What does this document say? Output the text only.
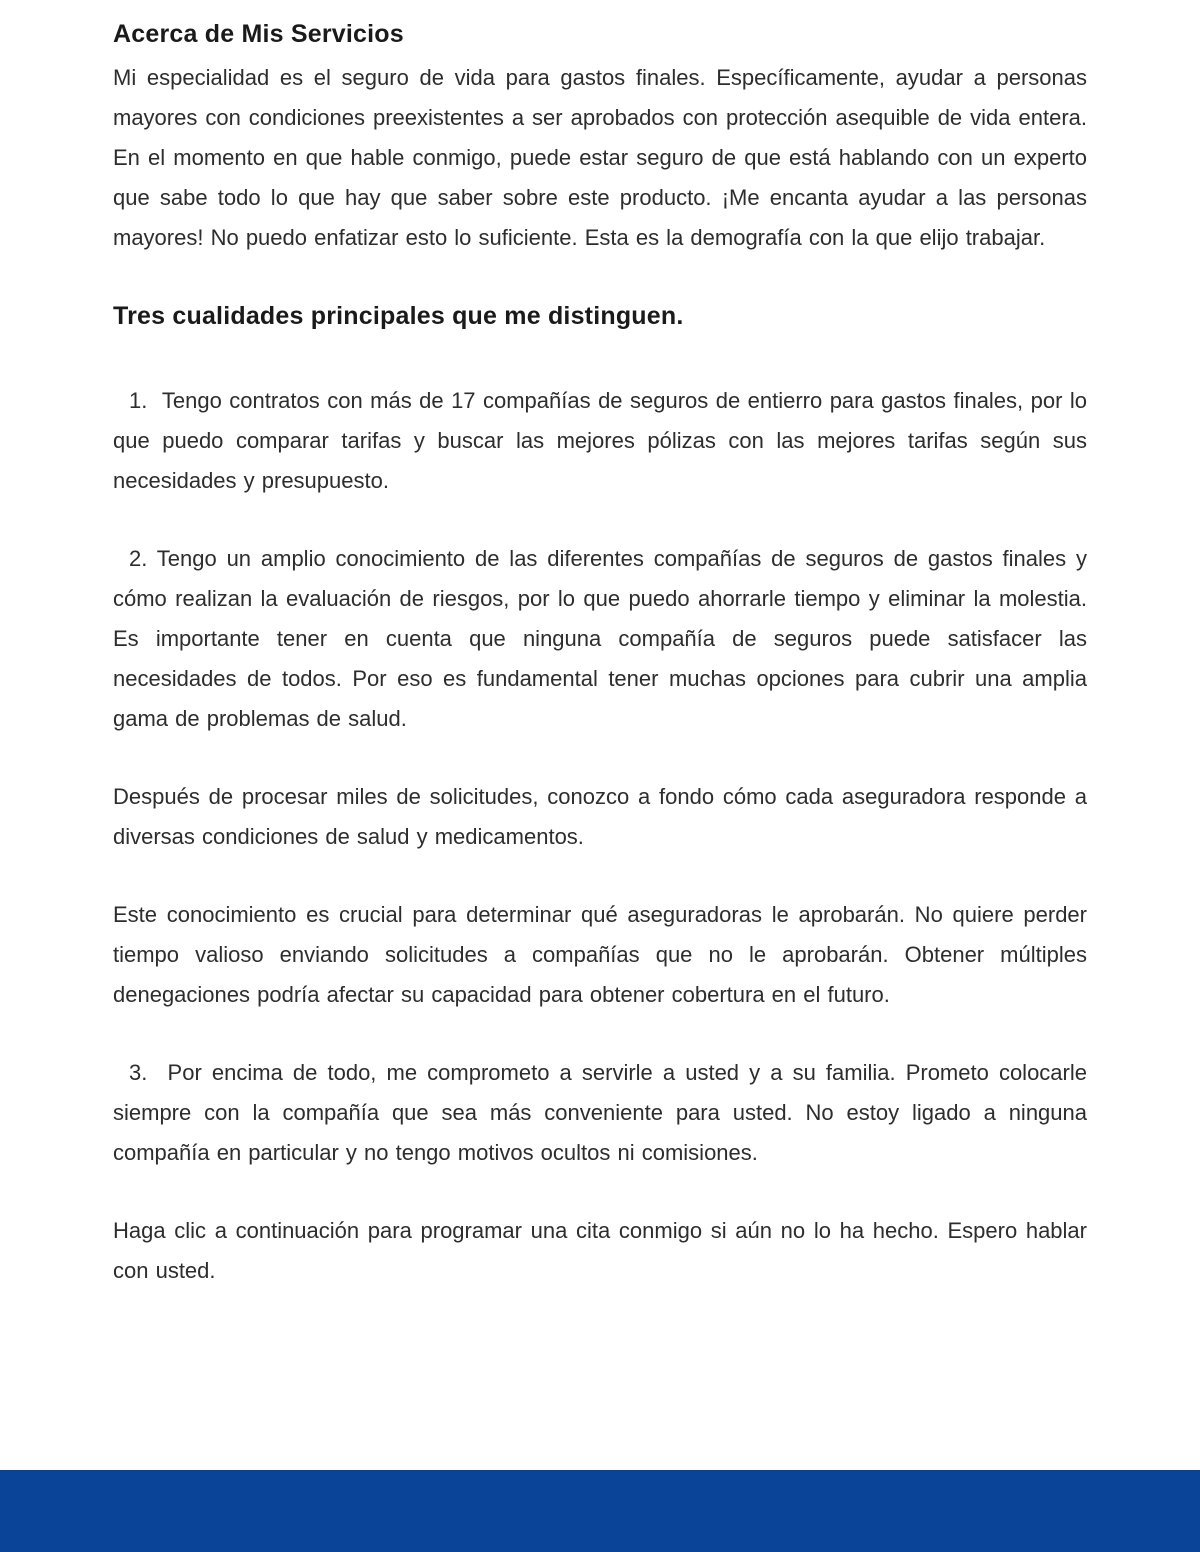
Acerca de Mis Servicios

Mi especialidad es el seguro de vida para gastos finales. Específicamente, ayudar a personas mayores con condiciones preexistentes a ser aprobados con protección asequible de vida entera. En el momento en que hable conmigo, puede estar seguro de que está hablando con un experto que sabe todo lo que hay que saber sobre este producto. ¡Me encanta ayudar a las personas mayores! No puedo enfatizar esto lo suficiente. Esta es la demografía con la que elijo trabajar.

Tres cualidades principales que me distinguen.

1.  Tengo contratos con más de 17 compañías de seguros de entierro para gastos finales, por lo que puedo comparar tarifas y buscar las mejores pólizas con las mejores tarifas según sus necesidades y presupuesto.

2. Tengo un amplio conocimiento de las diferentes compañías de seguros de gastos finales y cómo realizan la evaluación de riesgos, por lo que puedo ahorrarle tiempo y eliminar la molestia. Es importante tener en cuenta que ninguna compañía de seguros puede satisfacer las necesidades de todos. Por eso es fundamental tener muchas opciones para cubrir una amplia gama de problemas de salud.

Después de procesar miles de solicitudes, conozco a fondo cómo cada aseguradora responde a diversas condiciones de salud y medicamentos.

Este conocimiento es crucial para determinar qué aseguradoras le aprobarán. No quiere perder tiempo valioso enviando solicitudes a compañías que no le aprobarán. Obtener múltiples denegaciones podría afectar su capacidad para obtener cobertura en el futuro.

3.  Por encima de todo, me comprometo a servirle a usted y a su familia. Prometo colocarle siempre con la compañía que sea más conveniente para usted. No estoy ligado a ninguna compañía en particular y no tengo motivos ocultos ni comisiones.

Haga clic a continuación para programar una cita conmigo si aún no lo ha hecho. Espero hablar con usted.
